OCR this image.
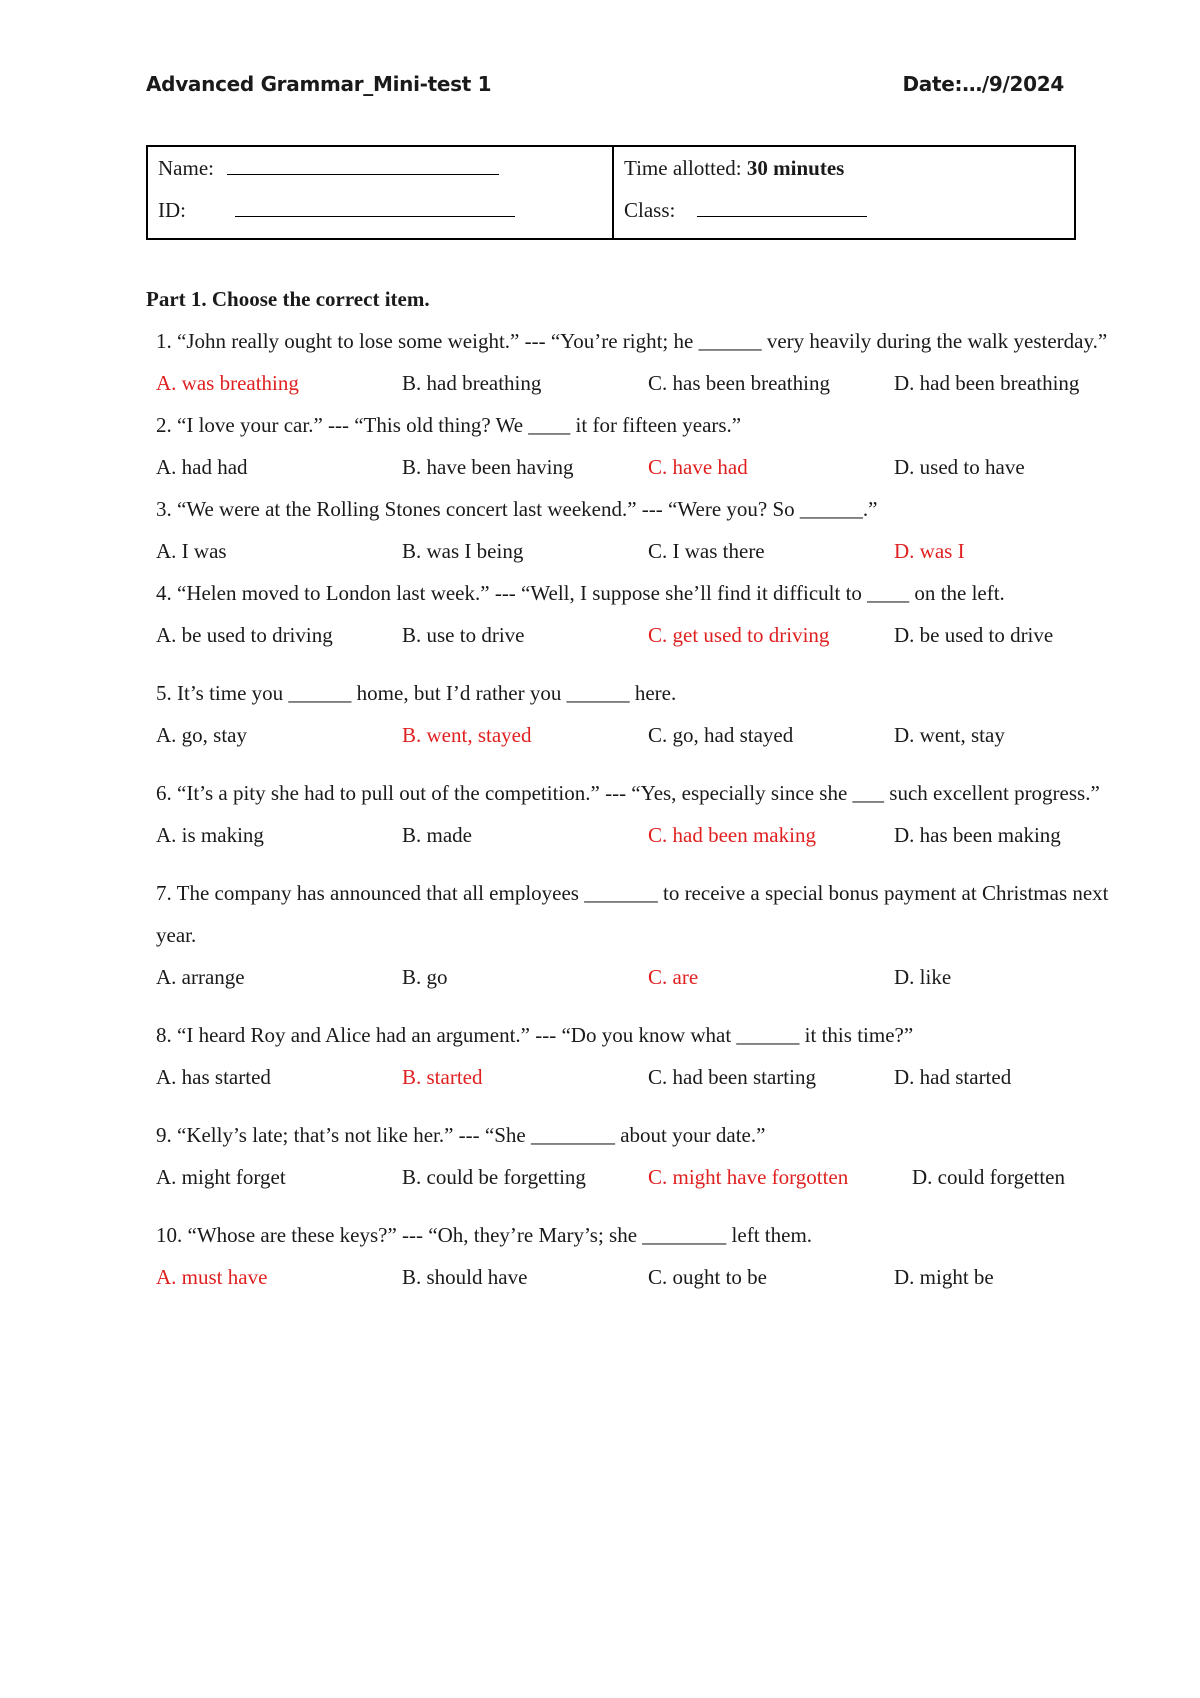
Advanced Grammar_Mini-test 1	Date:…/9/2024
Name:
ID:
Time allotted: 30 minutes
Class:
Part 1. Choose the correct item.
1. “John really ought to lose some weight.” --- “You’re right; he ______ very heavily during the walk yesterday.”
A. was breathing	B. had breathing	C. has been breathing	D. had been breathing
2. “I love your car.” --- “This old thing? We ____ it for fifteen years.”
A. had had	B. have been having	C. have had	D. used to have
3. “We were at the Rolling Stones concert last weekend.” --- “Were you? So ______.”
A. I was	B. was I being	C. I was there	D. was I
4. “Helen moved to London last week.” --- “Well, I suppose she’ll find it difficult to ____ on the left.
A. be used to driving	B. use to drive	C. get used to driving	D. be used to drive
5. It’s time you ______ home, but I’d rather you ______ here.
A. go, stay	B. went, stayed	C. go, had stayed	D. went, stay
6. “It’s a pity she had to pull out of the competition.” --- “Yes, especially since she ___ such excellent progress.”
A. is making	B. made	C. had been making	D. has been making
7. The company has announced that all employees _______ to receive a special bonus payment at Christmas next year.
A. arrange	B. go	C. are	D. like
8. “I heard Roy and Alice had an argument.” --- “Do you know what ______ it this time?”
A. has started	B. started	C. had been starting	D. had started
9. “Kelly’s late; that’s not like her.” --- “She ________ about your date.”
A. might forget	B. could be forgetting	C. might have forgotten	D. could forgetten
10. “Whose are these keys?” --- “Oh, they’re Mary’s; she ________ left them.
A. must have	B. should have	C. ought to be	D. might be
